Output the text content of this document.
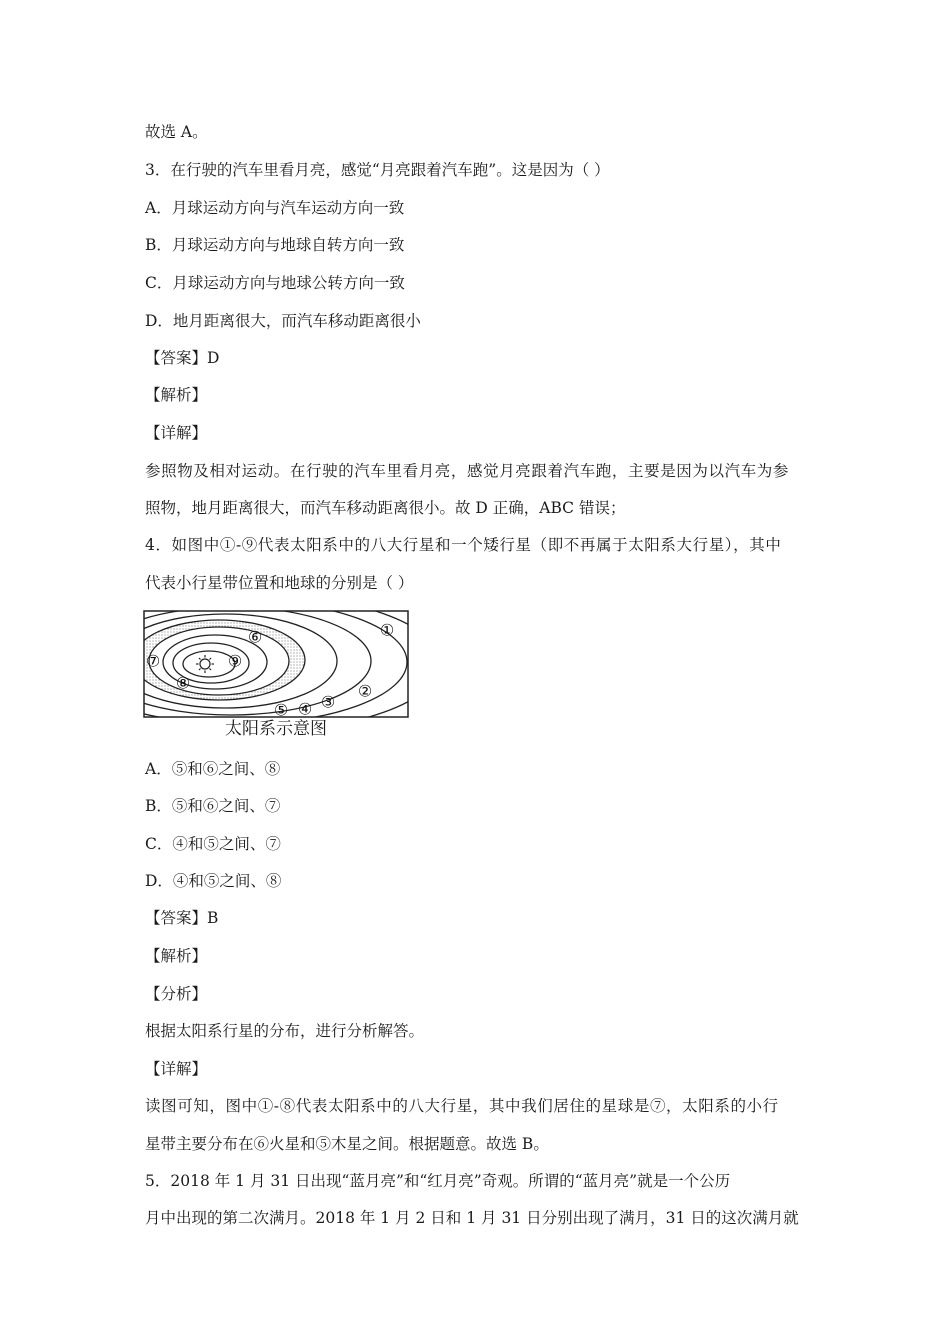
故选 A。
3．在行驶的汽车里看月亮，感觉“月亮跟着汽车跑”。这是因为（ ）
A．月球运动方向与汽车运动方向一致
B．月球运动方向与地球自转方向一致
C．月球运动方向与地球公转方向一致
D．地月距离很大，而汽车移动距离很小
【答案】D
【解析】
【详解】
参照物及相对运动。在行驶的汽车里看月亮，感觉月亮跟着汽车跑，主要是因为以汽车为参
照物，地月距离很大，而汽车移动距离很小。故 D 正确，ABC 错误；
4．如图中①-⑨代表太阳系中的八大行星和一个矮行星（即不再属于太阳系大行星），其中
代表小行星带位置和地球的分别是（ ）
①
②
③
④
⑤
⑥
⑦
⑧
⑨
太阳系示意图
A．⑤和⑥之间、⑧
B．⑤和⑥之间、⑦
C．④和⑤之间、⑦
D．④和⑤之间、⑧
【答案】B
【解析】
【分析】
根据太阳系行星的分布，进行分析解答。
【详解】
读图可知，图中①-⑧代表太阳系中的八大行星，其中我们居住的星球是⑦，太阳系的小行
星带主要分布在⑥火星和⑤木星之间。根据题意。故选 B。
5．2018 年 1 月 31 日出现“蓝月亮”和“红月亮”奇观。所谓的“蓝月亮”就是一个公历
月中出现的第二次满月。2018 年 1 月 2 日和 1 月 31 日分别出现了满月，31 日的这次满月就
